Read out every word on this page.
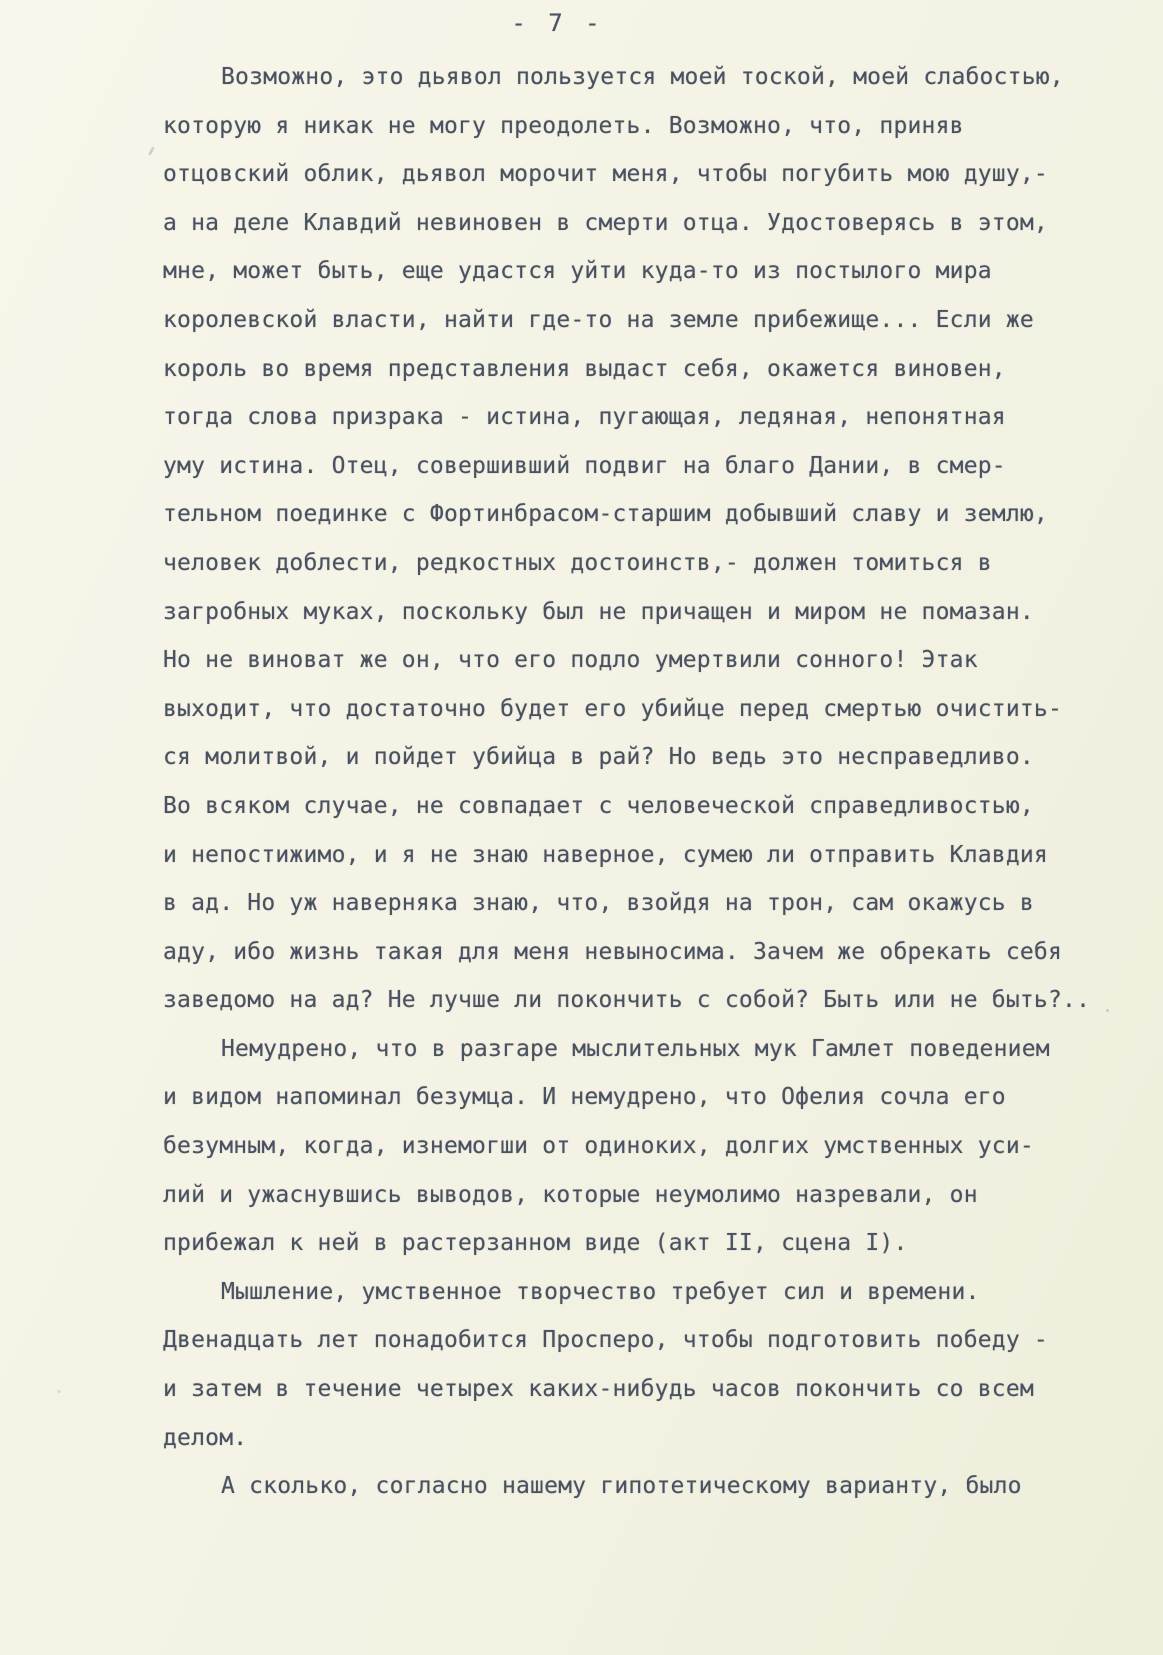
- 7 -
Возможно, это дьявол пользуется моей тоской, моей слабостью,
которую я никак не могу преодолеть. Возможно, что, приняв
отцовский облик, дьявол морочит меня, чтобы погубить мою душу,-
а на деле Клавдий невиновен в смерти отца. Удостоверясь в этом,
мне, может быть, еще удастся уйти куда-то из постылого мира
королевской власти, найти где-то на земле прибежище... Если же
король во время представления выдаст себя, окажется виновен,
тогда слова призрака - истина, пугающая, ледяная, непонятная
уму истина. Отец, совершивший подвиг на благо Дании, в смер-
тельном поединке с Фортинбрасом-старшим добывший славу и землю,
человек доблести, редкостных достоинств,- должен томиться в
загробных муках, поскольку был не причащен и миром не помазан.
Но не виноват же он, что его подло умертвили сонного! Этак
выходит, что достаточно будет его убийце перед смертью очистить-
ся молитвой, и пойдет убийца в рай? Но ведь это несправедливо.
Во всяком случае, не совпадает с человеческой справедливостью,
и непостижимо, и я не знаю наверное, сумею ли отправить Клавдия
в ад. Но уж наверняка знаю, что, взойдя на трон, сам окажусь в
аду, ибо жизнь такая для меня невыносима. Зачем же обрекать себя
заведомо на ад? Не лучше ли покончить с собой? Быть или не быть?..
Немудрено, что в разгаре мыслительных мук Гамлет поведением
и видом напоминал безумца. И немудрено, что Офелия сочла его
безумным, когда, изнемогши от одиноких, долгих умственных уси-
лий и ужаснувшись выводов, которые неумолимо назревали, он
прибежал к ней в растерзанном виде (акт II, сцена I).
Мышление, умственное творчество требует сил и времени.
Двенадцать лет понадобится Просперо, чтобы подготовить победу -
и затем в течение четырех каких-нибудь часов покончить со всем
делом.
А сколько, согласно нашему гипотетическому варианту, было
